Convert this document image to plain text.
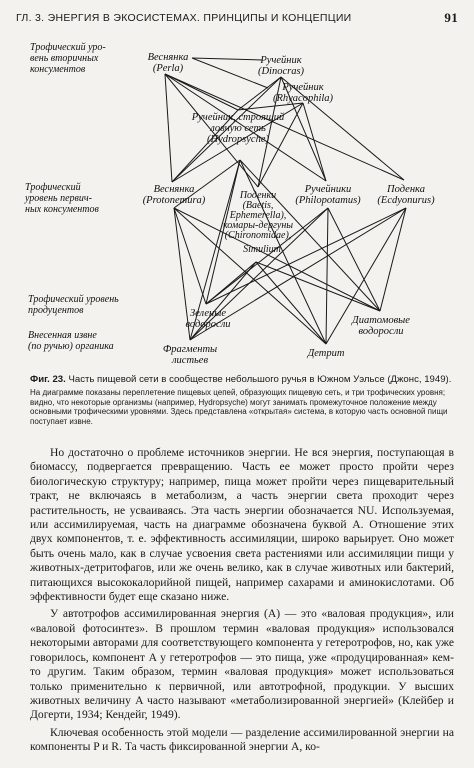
ГЛ. 3. ЭНЕРГИЯ В ЭКОСИСТЕМАХ. ПРИНЦИПЫ И КОНЦЕПЦИИ	91
Трофический уро-вень вторичных консументов
Трофический уровень первич-ных консументов
Трофический уровень продуцентов
Внесенная извне (по ручью) органика
Веснянка (Perla)
Ручейник (Dinocras)
Ручейник (Rhyacophila)
Ручейник, строящий ловчую сеть (Hydropsyche)
Веснянка (Protonemura)	Поденки (Baetis, Ephemerella), комары-дергуны (Chironomidae),
Simulium
Ручейники (Philopotamus)
Поденка (Ecdyonurus)
Зеленые водоросли	Диатомовые водоросли
Фрагменты листьев
Детрит
Фиг. 23. Часть пищевой сети в сообществе небольшого ручья в Южном Уэльсе (Джонс, 1949).
На диаграмме показаны переплетение пищевых цепей, образующих пищевую сеть, и три трофических уровня; видно, что некоторые организмы (например, Hydropsyche) могут занимать промежуточное положение между основными трофическими уровнями. Здесь представлена «открытая» система, в которую часть основной пищи поступает извне.

Но достаточно о проблеме источников энергии. Не вся энергия, поступающая в биомассу, подвергается превращению. Часть ее может просто пройти через биологическую структуру; например, пища может пройти через пищеварительный тракт, не включаясь в метаболизм, а часть энергии света проходит через растительность, не усваиваясь. Эта часть энергии обозначается NU. Используемая, или ассимилируемая, часть на диаграмме обозначена буквой A. Отношение этих двух компонентов, т. е. эффективность ассимиляции, широко варьирует. Оно может быть очень мало, как в случае усвоения света растениями или ассимиляции пищи у животных-детритофагов, или же очень велико, как в случае животных или бактерий, питающихся высококалорийной пищей, например сахарами и аминокислотами. Об эффективности будет еще сказано ниже.

У автотрофов ассимилированная энергия (A) — это «валовая продукция», или «валовой фотосинтез». В прошлом термин «валовая продукция» использовался некоторыми авторами для соответствующего компонента у гетеротрофов, но, как уже говорилось, компонент A у гетеротрофов — это пища, уже «продуцированная» кем-то другим. Таким образом, термин «валовая продукция» может использоваться только применительно к первичной, или автотрофной, продукции. У высших животных величину A часто называют «метаболизированной энергией» (Клейбер и Догерти, 1934; Кендейг, 1949).

Ключевая особенность этой модели — разделение ассимилированной энергии на компоненты P и R. Та часть фиксированной энергии A, ко-
